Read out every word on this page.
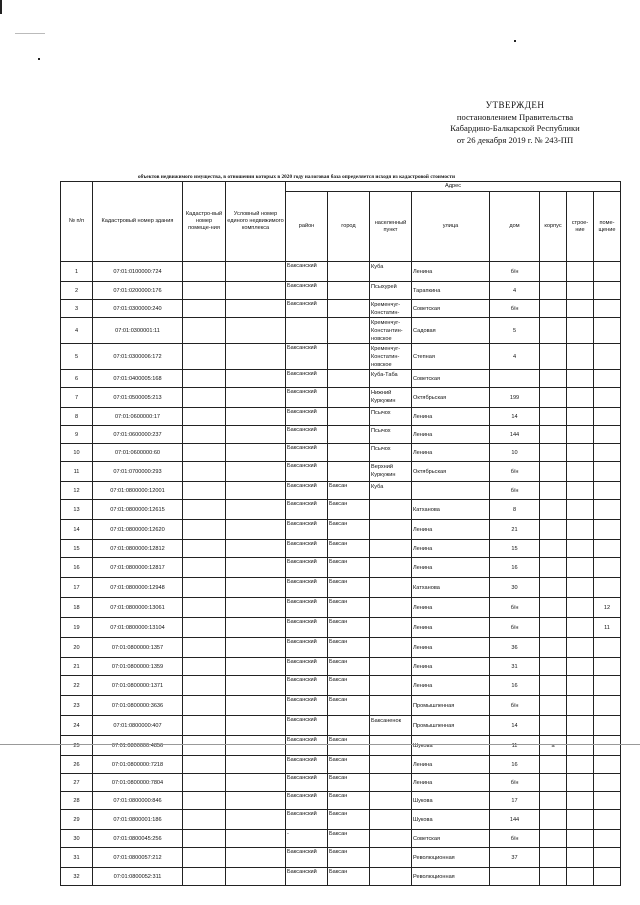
УТВЕРЖДЕН
постановлением Правительства
Кабардино-Балкарской Республики
от 26 декабря 2019 г. № 243-ПП
объектов недвижимого имущества, в отношении которых в 2020 году налоговая база определяется исходя из кадастровой стоимости
№ п/п	Кадастровый номер здания	Кадастро-вый номер помеще-ния	Условный номер единого недвижимого комплекса	Адрес							
				район	город	населенный пункт	улица	дом	корпус	строе-ние	поме-щение
1	07:01:0100000:724			Баксанский		Куба	Ленина	б/н			
2	07:01:0200000:176			Баксанский		Псыхурей	Тарапкина	4			
3	07:01:0300000:240			Баксанский		Кременчуг-Констатин-	Советская	б/н			
4	07:01:0300001:11					Кременчуг-Константин-новское	Садовая	5			
5	07:01:0300006:172			Баксанский		Кременчуг-Констатин-новское	Степная	4			
6	07:01:0400005:168			Баксанский		Куба-Таба	Советская				
7	07:01:0500005:213			Баксанский		Нижний Куркужин	Октябрьская	199			
8	07:01:0600000:17			Баксанский		Псычох	Ленина	14			
9	07:01:0600000:237			Баксанский		Псычох	Ленина	144			
10	07:01:0600000:60			Баксанский		Псычох	Ленина	10			
11	07:01:0700000:293			Баксанский		Верхний Куркужин	Октябрьская	б/н			
12	07:01:0800000:12001			Баксанский	Баксан	Куба		б/н			
13	07:01:0800000:12615			Баксанский	Баксан		Катханова	8			
14	07:01:0800000:12620			Баксанский	Баксан		Ленина	21			
15	07:01:0800000:12812			Баксанский	Баксан		Ленина	15			
16	07:01:0800000:12817			Баксанский	Баксан		Ленина	16			
17	07:01:0800000:12948			Баксанский	Баксан		Катханова	30			
18	07:01:0800000:13061			Баксанский	Баксан		Ленина	б/н			12
19	07:01:0800000:13104			Баксанский	Баксан		Ленина	б/н			11
20	07:01:0800000:1357			Баксанский	Баксан		Ленина	36			
21	07:01:0800000:1359			Баксанский	Баксан		Ленина	31			
22	07:01:0800000:1371			Баксанский	Баксан		Ленина	16			
23	07:01:0800000:3636			Баксанский	Баксан		Промышленная	б/н			
24	07:01:0800000:407			Баксанский		Баксаненок	Промышленная	14			
25	07:01:0800000:4856			Баксанский	Баксан		Шукова	11	а		
26	07:01:0800000:7218			Баксанский	Баксан		Ленина	16			
27	07:01:0800000:7804			Баксанский	Баксан		Ленина	б/н			
28	07:01:0800000:846			Баксанский	Баксан		Шукова	17			
29	07:01:0800001:186			Баксанский	Баксан		Шукова	144			
30	07:01:0800045:256			-	Баксан		Советская	б/н			
31	07:01:0800057:212			Баксанский	Баксан		Революционная	37			
32	07:01:0800052:311			Баксанский	Баксан		Революционная				
